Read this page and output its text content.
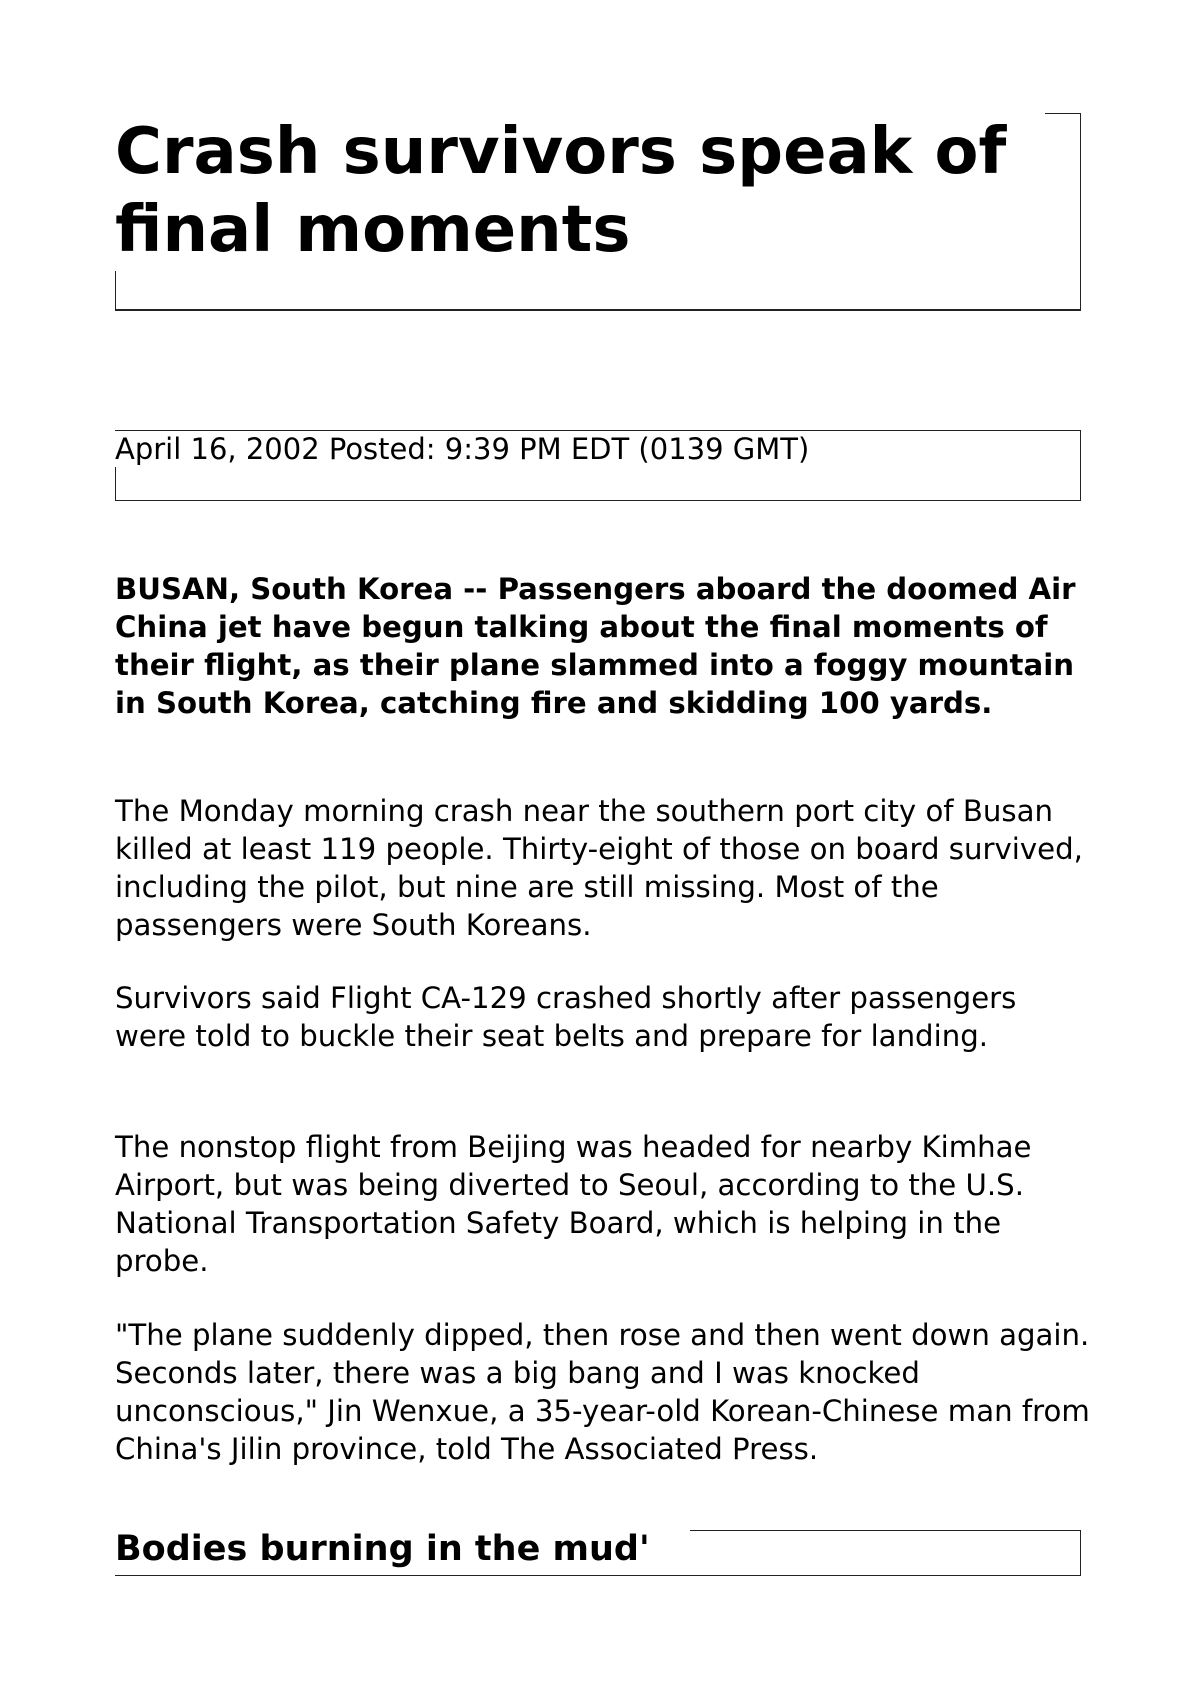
Crash survivors speak of final moments

April 16, 2002 Posted: 9:39 PM EDT (0139 GMT)

BUSAN, South Korea -- Passengers aboard the doomed Air China jet have begun talking about the final moments of their flight, as their plane slammed into a foggy mountain in South Korea, catching fire and skidding 100 yards.

The Monday morning crash near the southern port city of Busan killed at least 119 people. Thirty-eight of those on board survived, including the pilot, but nine are still missing. Most of the passengers were South Koreans.

Survivors said Flight CA-129 crashed shortly after passengers were told to buckle their seat belts and prepare for landing.

The nonstop flight from Beijing was headed for nearby Kimhae Airport, but was being diverted to Seoul, according to the U.S. National Transportation Safety Board, which is helping in the probe.

"The plane suddenly dipped, then rose and then went down again. Seconds later, there was a big bang and I was knocked unconscious," Jin Wenxue, a 35-year-old Korean-Chinese man from China's Jilin province, told The Associated Press.

Bodies burning in the mud'
